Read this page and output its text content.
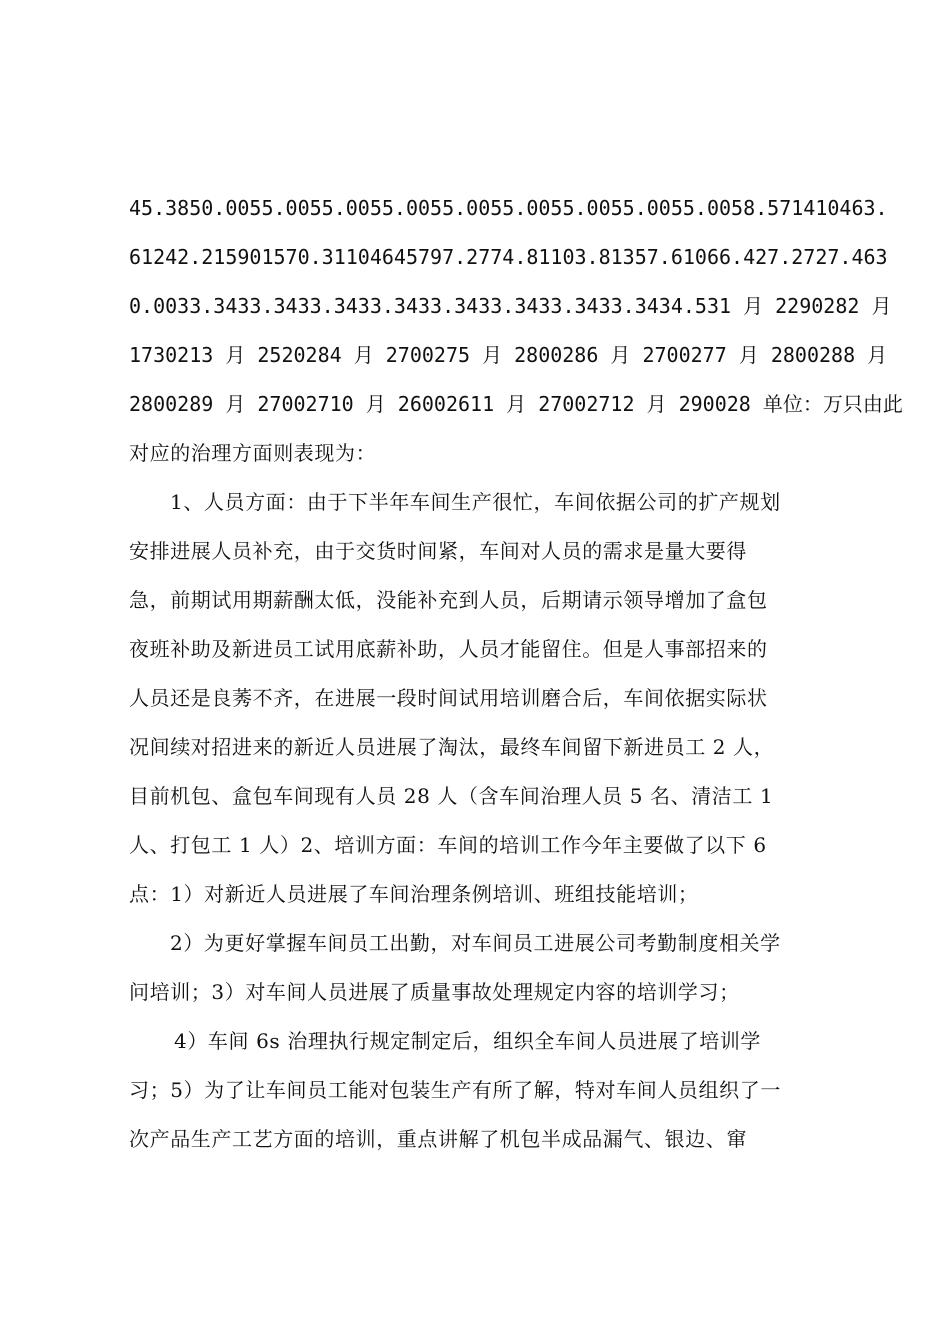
45.3850.0055.0055.0055.0055.0055.0055.0055.0055.0058.571410463.
61242.215901570.31104645797.2774.81103.81357.61066.427.2727.463
0.0033.3433.3433.3433.3433.3433.3433.3433.3434.531 月 2290282 月
1730213 月 2520284 月 2700275 月 2800286 月 2700277 月 2800288 月
2800289 月 27002710 月 26002611 月 27002712 月 290028 单位：万只由此
对应的治理方面则表现为：
1、人员方面：由于下半年车间生产很忙，车间依据公司的扩产规划
安排进展人员补充，由于交货时间紧，车间对人员的需求是量大要得
急，前期试用期薪酬太低，没能补充到人员，后期请示领导增加了盒包
夜班补助及新进员工试用底薪补助，人员才能留住。但是人事部招来的
人员还是良莠不齐，在进展一段时间试用培训磨合后，车间依据实际状
况间续对招进来的新近人员进展了淘汰，最终车间留下新进员工 2 人，
目前机包、盒包车间现有人员 28 人（含车间治理人员 5 名、清洁工 1
人、打包工 1 人）2、培训方面：车间的培训工作今年主要做了以下 6
点：1）对新近人员进展了车间治理条例培训、班组技能培训；
2）为更好掌握车间员工出勤，对车间员工进展公司考勤制度相关学
问培训；3）对车间人员进展了质量事故处理规定内容的培训学习；
4）车间 6s 治理执行规定制定后，组织全车间人员进展了培训学
习；5）为了让车间员工能对包装生产有所了解，特对车间人员组织了一
次产品生产工艺方面的培训，重点讲解了机包半成品漏气、银边、窜
